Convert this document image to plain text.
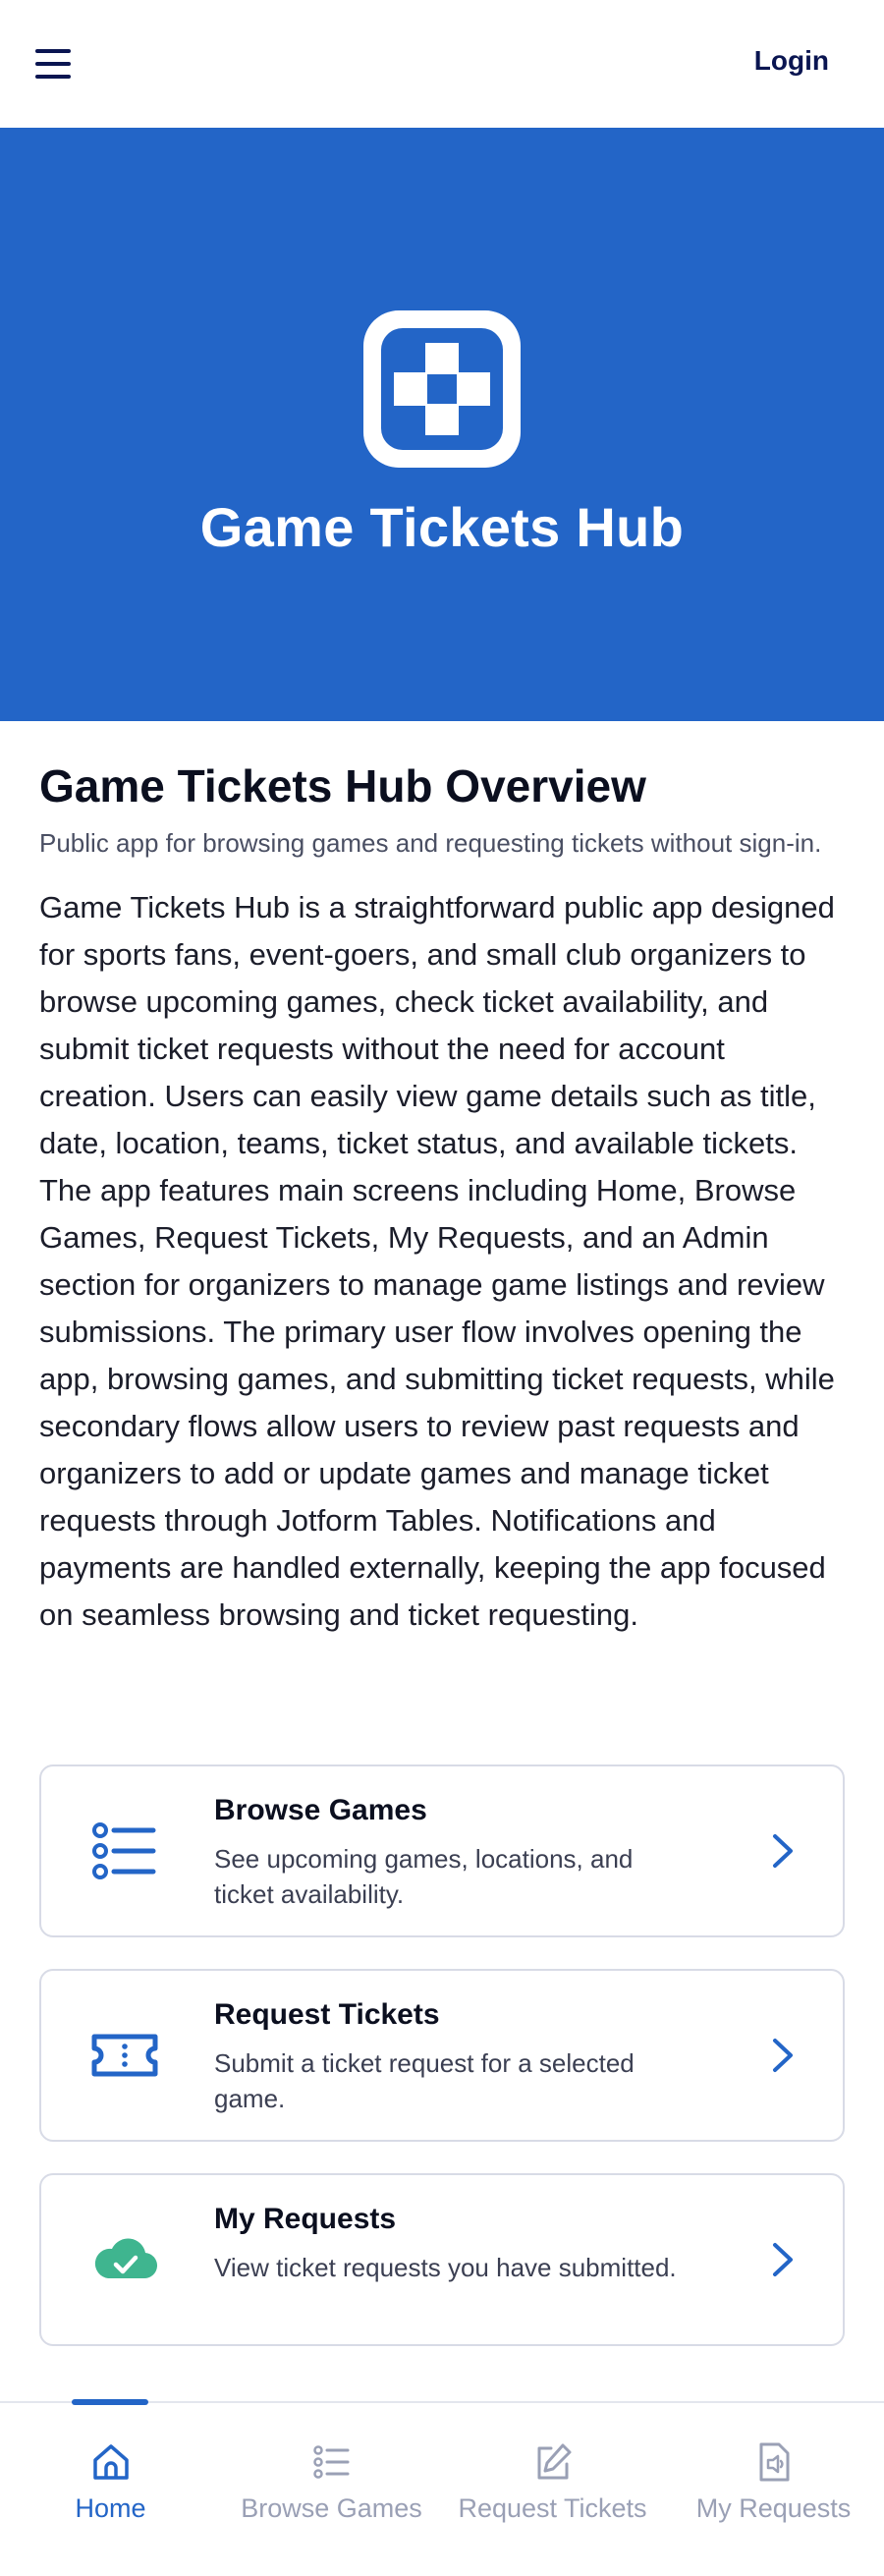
Login
Game Tickets Hub
Game Tickets Hub Overview

Public app for browsing games and requesting tickets without sign-in.

Game Tickets Hub is a straightforward public app designed for sports fans, event-goers, and small club organizers to browse upcoming games, check ticket availability, and submit ticket requests without the need for account creation. Users can easily view game details such as title, date, location, teams, ticket status, and available tickets. The app features main screens including Home, Browse Games, Request Tickets, My Requests, and an Admin section for organizers to manage game listings and review submissions. The primary user flow involves opening the app, browsing games, and submitting ticket requests, while secondary flows allow users to review past requests and organizers to add or update games and manage ticket requests through Jotform Tables. Notifications and payments are handled externally, keeping the app focused on seamless browsing and ticket requesting.

Browse Games
See upcoming games, locations, and ticket availability.
Request Tickets
Submit a ticket request for a selected game.
My Requests
View ticket requests you have submitted.
Home	Browse Games	Request Tickets	My Requests
